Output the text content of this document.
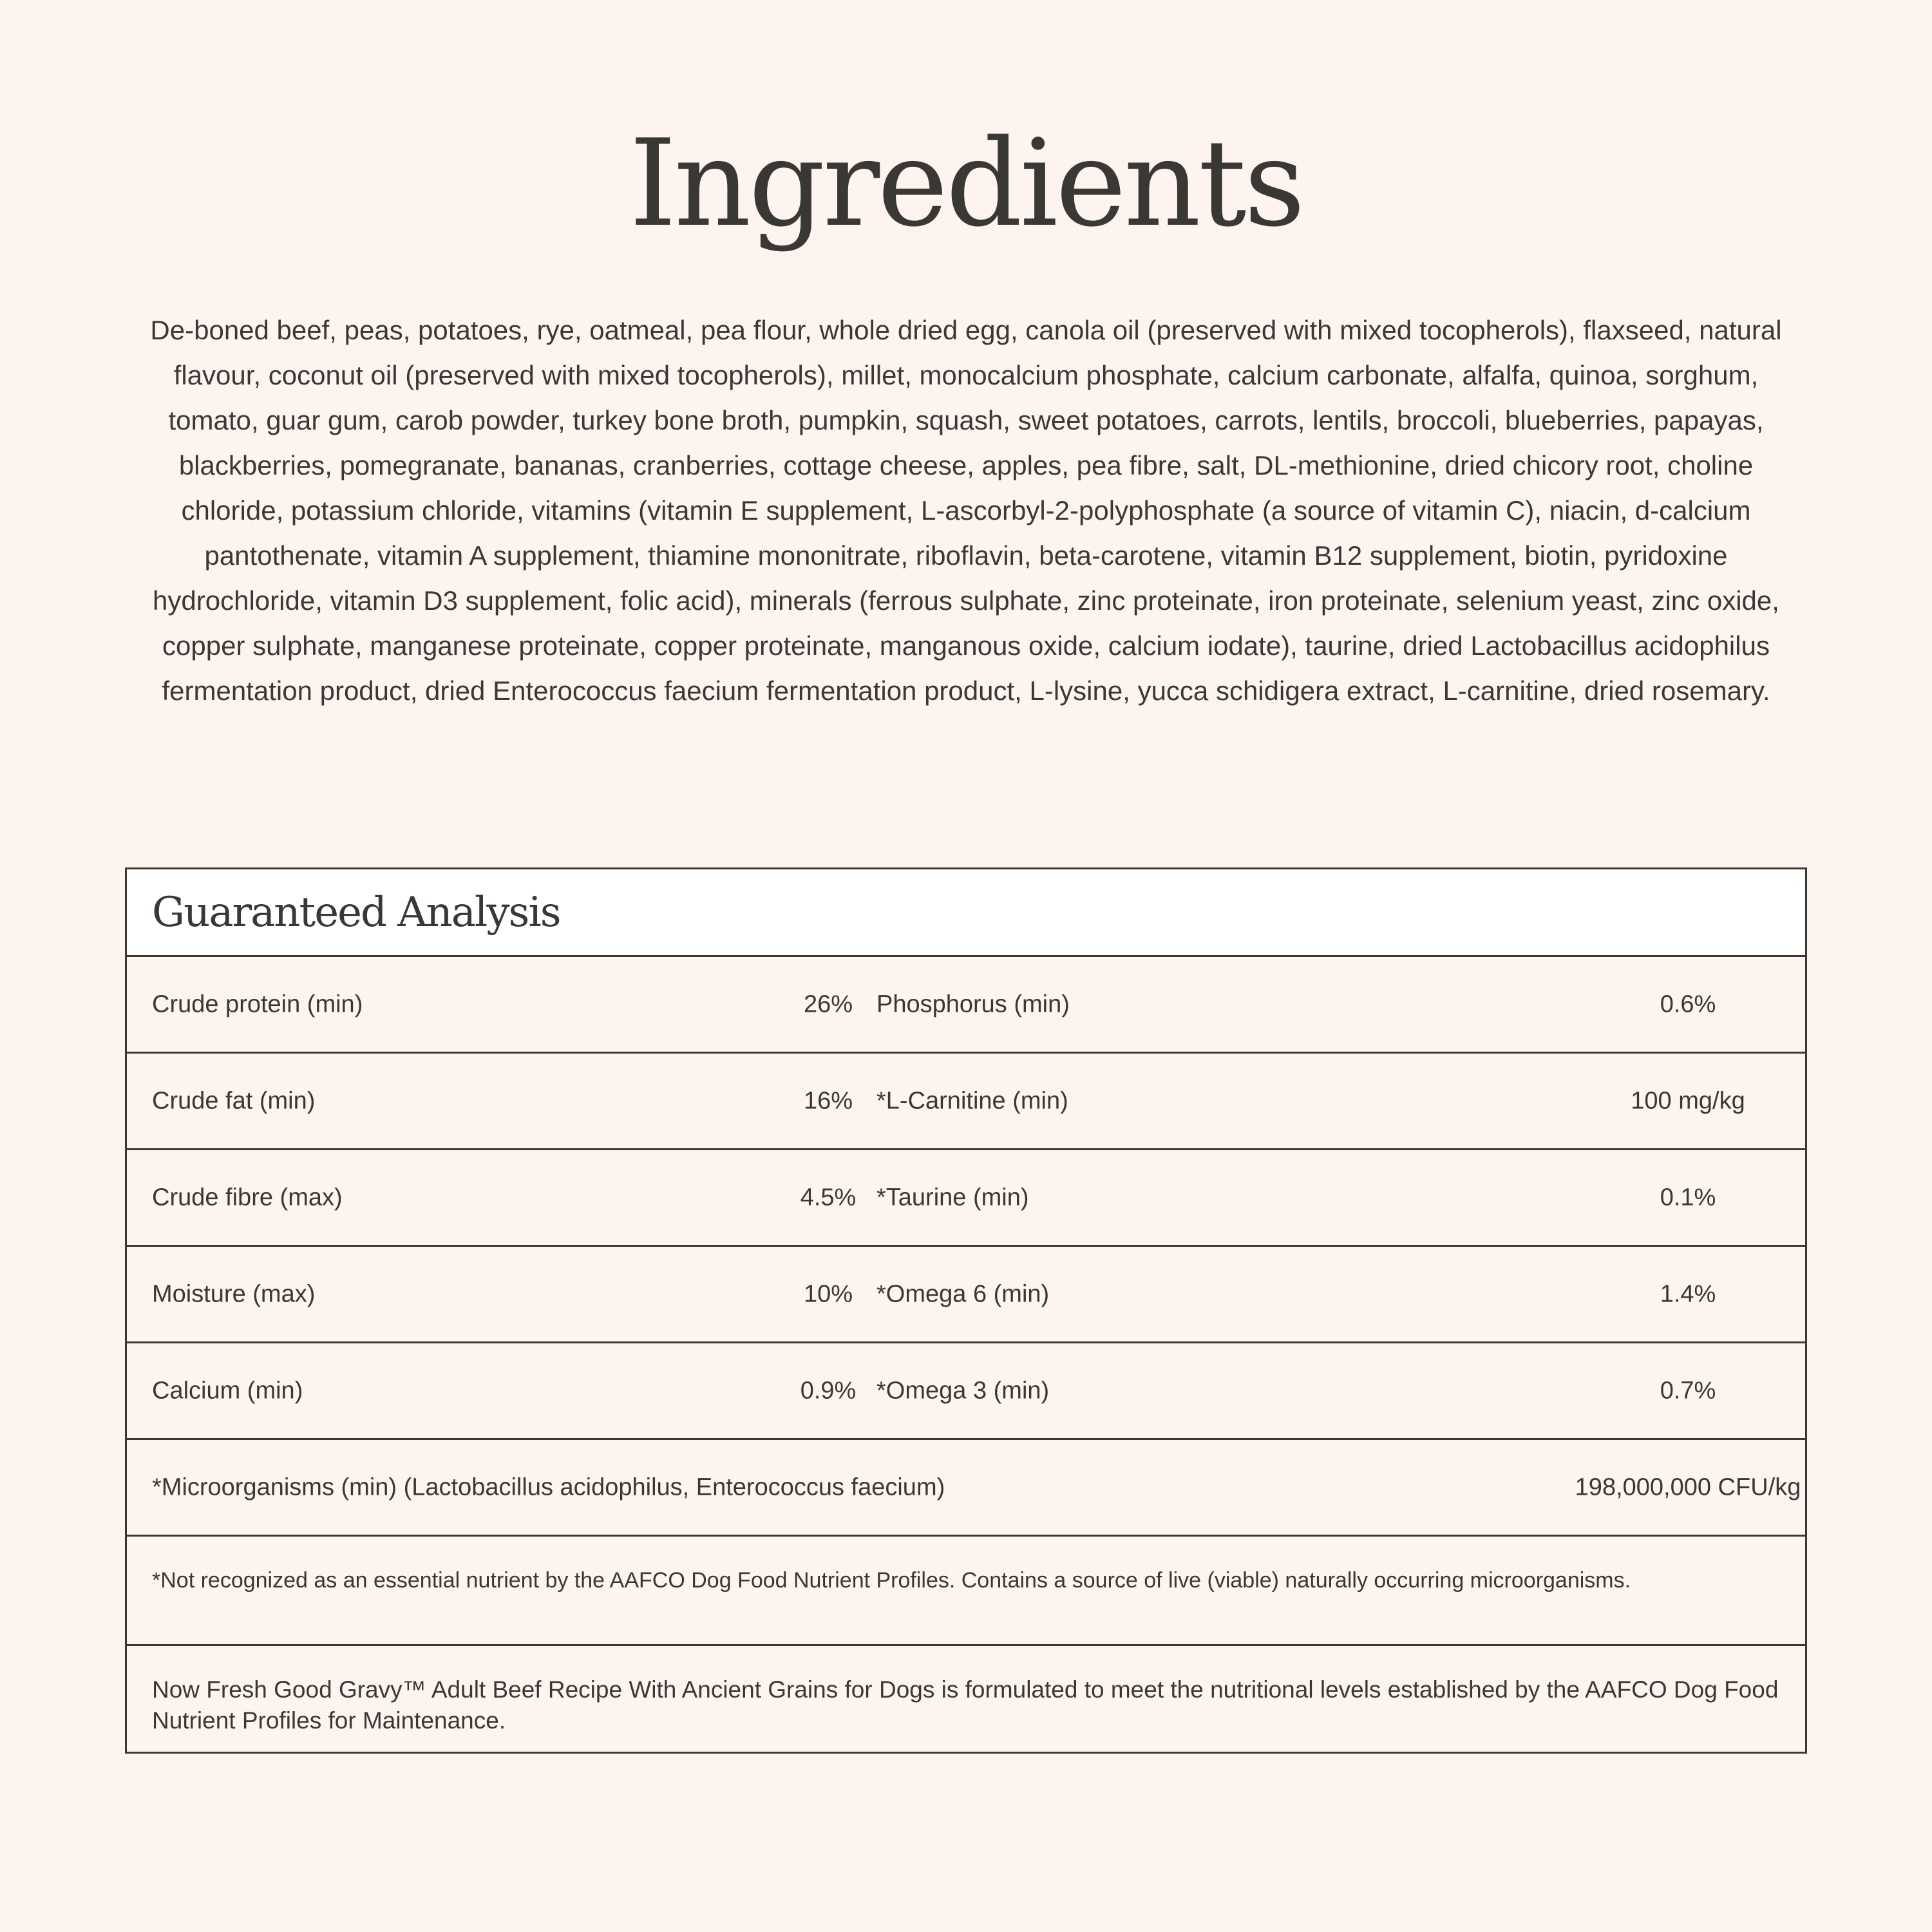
Ingredients

De-boned beef, peas, potatoes, rye, oatmeal, pea flour, whole dried egg, canola oil (preserved with mixed tocopherols), flaxseed, natural flavour, coconut oil (preserved with mixed tocopherols), millet, monocalcium phosphate, calcium carbonate, alfalfa, quinoa, sorghum, tomato, guar gum, carob powder, turkey bone broth, pumpkin, squash, sweet potatoes, carrots, lentils, broccoli, blueberries, papayas, blackberries, pomegranate, bananas, cranberries, cottage cheese, apples, pea fibre, salt, DL-methionine, dried chicory root, choline chloride, potassium chloride, vitamins (vitamin E supplement, L-ascorbyl-2-polyphosphate (a source of vitamin C), niacin, d-calcium pantothenate, vitamin A supplement, thiamine mononitrate, riboflavin, beta-carotene, vitamin B12 supplement, biotin, pyridoxine hydrochloride, vitamin D3 supplement, folic acid), minerals (ferrous sulphate, zinc proteinate, iron proteinate, selenium yeast, zinc oxide, copper sulphate, manganese proteinate, copper proteinate, manganous oxide, calcium iodate), taurine, dried Lactobacillus acidophilus fermentation product, dried Enterococcus faecium fermentation product, L-lysine, yucca schidigera extract, L-carnitine, dried rosemary.

Guaranteed Analysis
Crude protein (min)	26% Phosphorus (min)	0.6%
Crude fat (min)	16% *L-Carnitine (min)	100 mg/kg
Crude fibre (max)	4.5% *Taurine (min)	0.1%
Moisture (max)	10% *Omega 6 (min)	1.4%
Calcium (min)	0.9% *Omega 3 (min)	0.7%
*Microorganisms (min) (Lactobacillus acidophilus, Enterococcus faecium)	198,000,000 CFU/kg
*Not recognized as an essential nutrient by the AAFCO Dog Food Nutrient Profiles. Contains a source of live (viable) naturally occurring microorganisms.
Now Fresh Good Gravy™ Adult Beef Recipe With Ancient Grains for Dogs is formulated to meet the nutritional levels established by the AAFCO Dog Food Nutrient Profiles for Maintenance.
